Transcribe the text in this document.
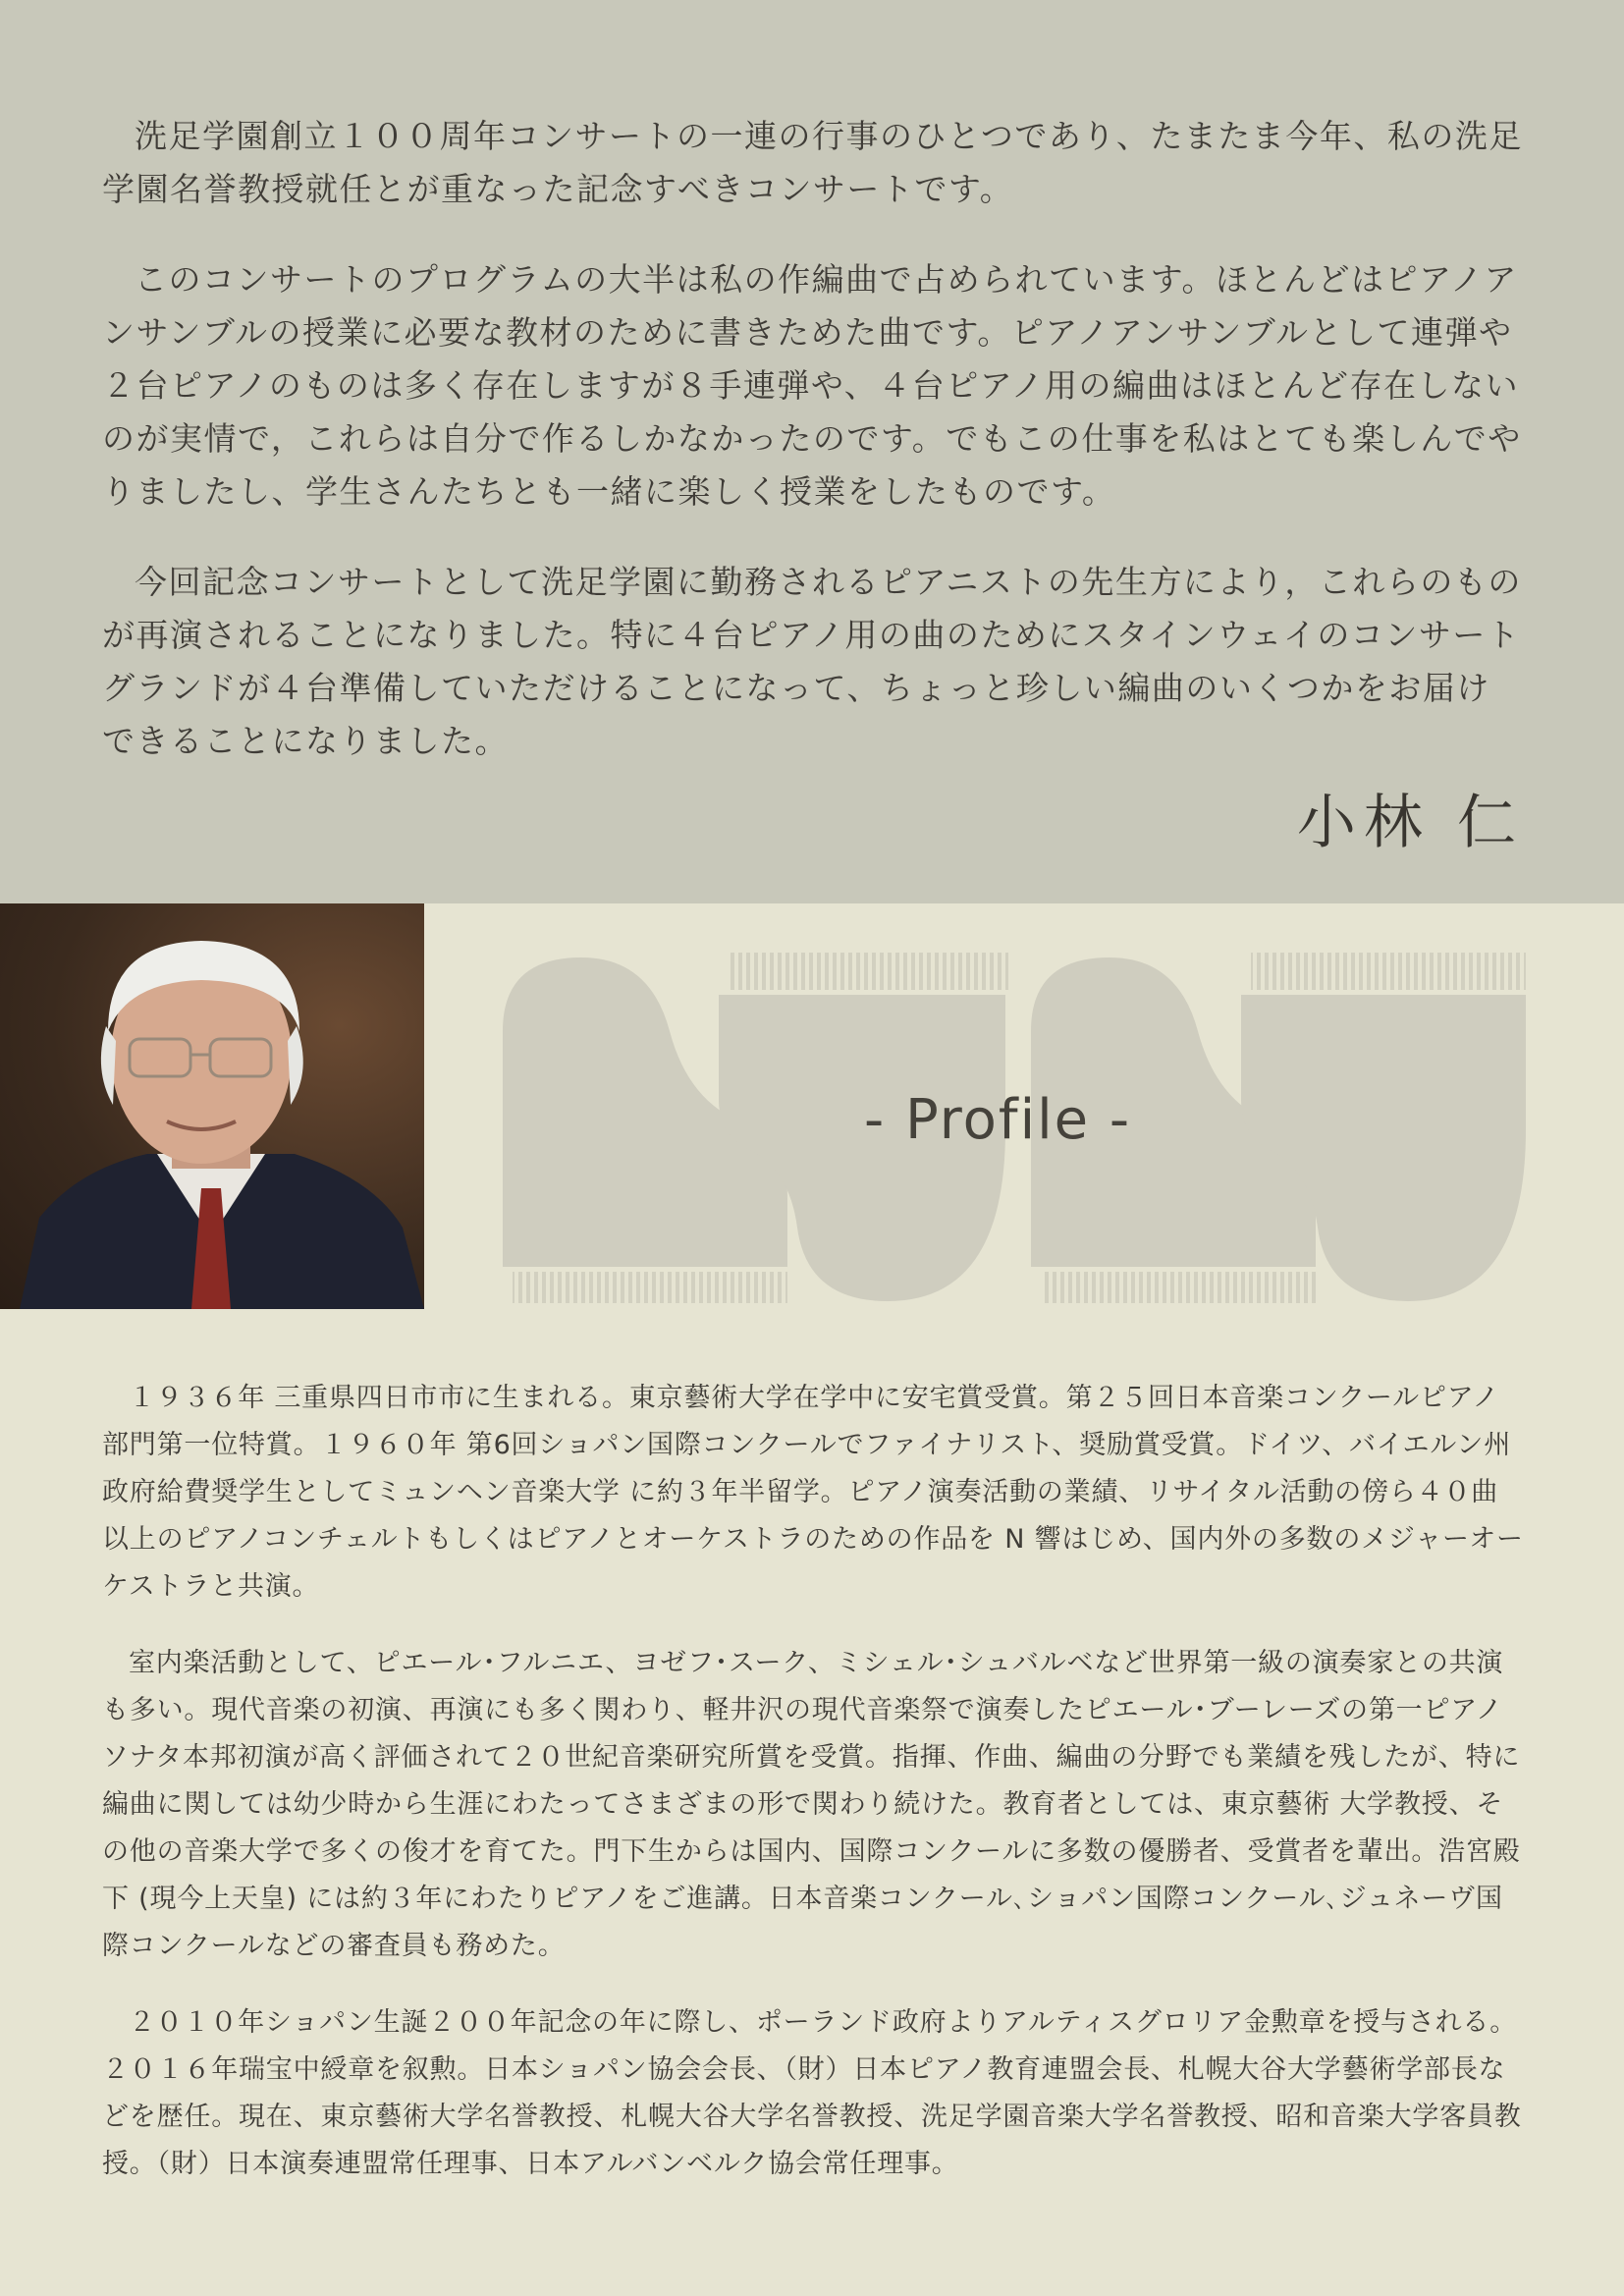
洗足学園創立１００周年コンサートの一連の行事のひとつであり、たまたま今年、私の洗足学園名誉教授就任とが重なった記念すべきコンサートです。

このコンサートのプログラムの大半は私の作編曲で占められています。ほとんどはピアノアンサンブルの授業に必要な教材のために書きためた曲です。ピアノアンサンブルとして連弾や２台ピアノのものは多く存在しますが８手連弾や、４台ピアノ用の編曲はほとんど存在しないのが実情で，これらは自分で作るしかなかったのです。でもこの仕事を私はとても楽しんでやりましたし、学生さんたちとも一緒に楽しく授業をしたものです。

今回記念コンサートとして洗足学園に勤務されるピアニストの先生方により，これらのものが再演されることになりました。特に４台ピアノ用の曲のためにスタインウェイのコンサートグランドが４台準備していただけることになって、ちょっと珍しい編曲のいくつかをお届けできることになりました。

小林 仁
- Profile -

１９３６年 三重県四日市市に生まれる。東京藝術大学在学中に安宅賞受賞。第２５回日本音楽コンクールピアノ部門第一位特賞。１９６０年 第6回ショパン国際コンクールでファイナリスト、奨励賞受賞。ドイツ、バイエルン州政府給費奨学生としてミュンヘン音楽大学 に約３年半留学。ピアノ演奏活動の業績、リサイタル活動の傍ら４０曲以上のピアノコンチェルトもしくはピアノとオーケストラのための作品を N 響はじめ、国内外の多数のメジャーオーケストラと共演。

室内楽活動として、ピエール･フルニエ、ヨゼフ･スーク、ミシェル･シュバルベなど世界第一級の演奏家との共演も多い。現代音楽の初演、再演にも多く関わり、軽井沢の現代音楽祭で演奏したピエール･ブーレーズの第一ピアノソナタ本邦初演が高く評価されて２０世紀音楽研究所賞を受賞。指揮、作曲、編曲の分野でも業績を残したが、特に編曲に関しては幼少時から生涯にわたってさまざまの形で関わり続けた。教育者としては、東京藝術 大学教授、その他の音楽大学で多くの俊才を育てた。門下生からは国内、国際コンクールに多数の優勝者、受賞者を輩出。浩宮殿下 (現今上天皇) には約３年にわたりピアノをご進講。日本音楽コンクール､ショパン国際コンクール､ジュネーヴ国際コンクールなどの審査員も務めた。

２０１０年ショパン生誕２００年記念の年に際し、ポーランド政府よりアルティスグロリア金勲章を授与される。２０１６年瑞宝中綬章を叙勲。日本ショパン協会会長、（財）日本ピアノ教育連盟会長、札幌大谷大学藝術学部長などを歴任。現在、東京藝術大学名誉教授、札幌大谷大学名誉教授、洗足学園音楽大学名誉教授、昭和音楽大学客員教授。（財）日本演奏連盟常任理事、日本アルバンベルク協会常任理事。
